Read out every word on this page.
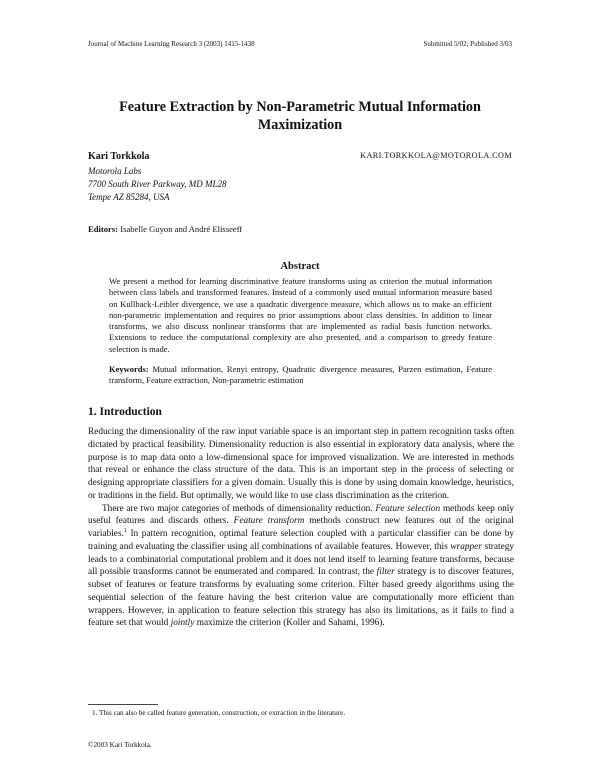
Journal of Machine Learning Research 3 (2003) 1415-1438	Submitted 5/02; Published 3/03
Feature Extraction by Non-Parametric Mutual Information
Maximization
Kari Torkkola	KARI.TORKKOLA@MOTOROLA.COM
Motorola Labs
7700 South River Parkway, MD ML28
Tempe AZ 85284, USA
Editors: Isabelle Guyon and André Elisseeff
Abstract
We present a method for learning discriminative feature transforms using as criterion the mutual information between class labels and transformed features. Instead of a commonly used mutual information measure based on Kullback-Leibler divergence, we use a quadratic divergence measure, which allows us to make an efficient non-parametric implementation and requires no prior assumptions about class densities. In addition to linear transforms, we also discuss nonlinear transforms that are implemented as radial basis function networks. Extensions to reduce the computational complexity are also presented, and a comparison to greedy feature selection is made.
Keywords: Mutual information, Renyi entropy, Quadratic divergence measures, Parzen estimation, Feature transform, Feature extraction, Non-parametric estimation
1. Introduction

Reducing the dimensionality of the raw input variable space is an important step in pattern recognition tasks often dictated by practical feasibility. Dimensionality reduction is also essential in exploratory data analysis, where the purpose is to map data onto a low-dimensional space for improved visualization. We are interested in methods that reveal or enhance the class structure of the data. This is an important step in the process of selecting or designing appropriate classifiers for a given domain. Usually this is done by using domain knowledge, heuristics, or traditions in the field. But optimally, we would like to use class discrimination as the criterion.

There are two major categories of methods of dimensionality reduction. Feature selection methods keep only useful features and discards others. Feature transform methods construct new features out of the original variables.$^1$ In pattern recognition, optimal feature selection coupled with a particular classifier can be done by training and evaluating the classifier using all combinations of available features. However, this wrapper strategy leads to a combinatorial computational problem and it does not lend itself to learning feature transforms, because all possible transforms cannot be enumerated and compared. In contrast, the filter strategy is to discover features, subset of features or feature transforms by evaluating some criterion. Filter based greedy algorithms using the sequential selection of the feature having the best criterion value are computationally more efficient than wrappers. However, in application to feature selection this strategy has also its limitations, as it fails to find a feature set that would jointly maximize the criterion (Koller and Sahami, 1996).

1. This can also be called feature generation, construction, or extraction in the literature.
©2003 Kari Torkkola.
